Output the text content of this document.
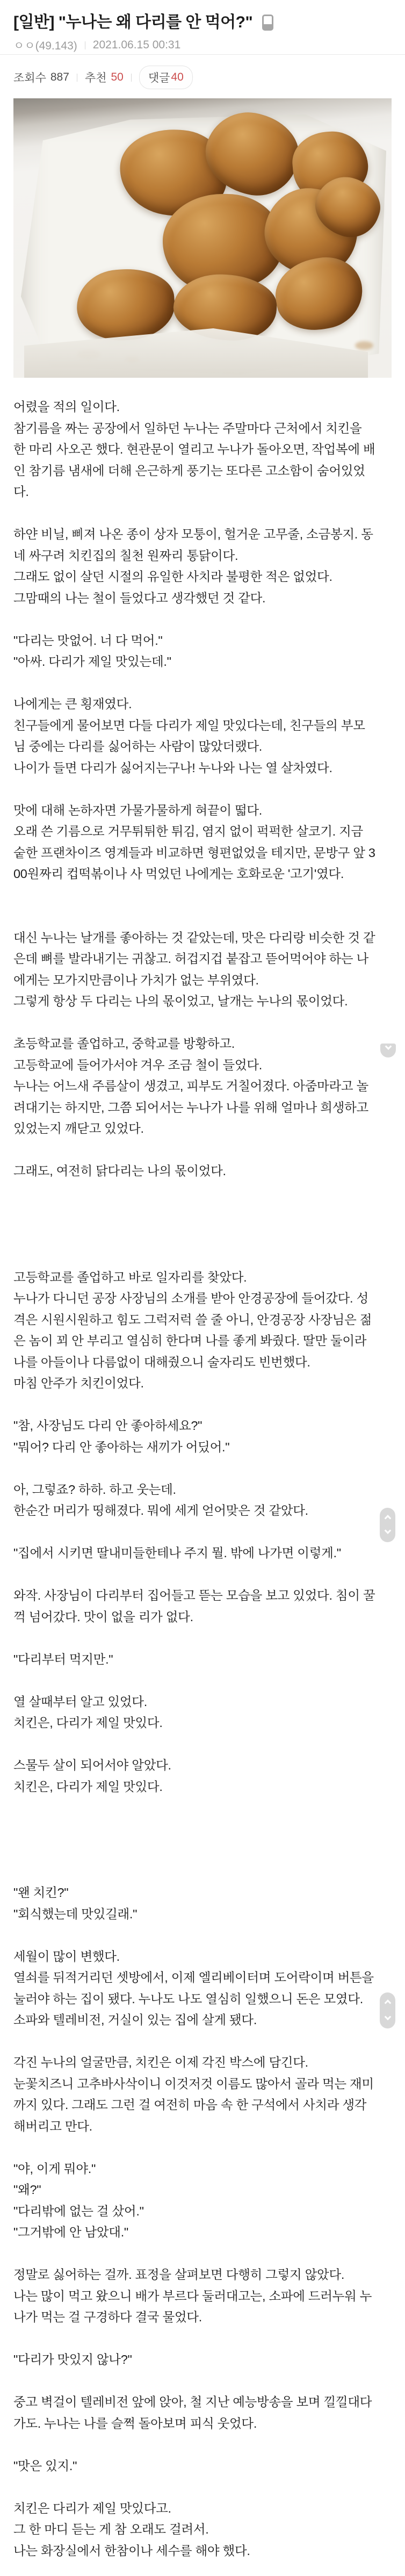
[일반] "누나는 왜 다리를 안 먹어?"
ㅇㅇ(49.143) 2021.06.15 00:31
조회수 887 추천 50 댓글 40
어렸을 적의 일이다.
참기름을 짜는 공장에서 일하던 누나는 주말마다 근처에서 치킨을
한 마리 사오곤 했다. 현관문이 열리고 누나가 돌아오면, 작업복에 배
인 참기름 냄새에 더해 은근하게 풍기는 또다른 고소함이 숨어있었
다.

하얀 비닐, 삐져 나온 종이 상자 모퉁이, 헐거운 고무줄, 소금봉지. 동
네 싸구려 치킨집의 칠천 원짜리 통닭이다.
그래도 없이 살던 시절의 유일한 사치라 불평한 적은 없었다.
그맘때의 나는 철이 들었다고 생각했던 것 같다.

"다리는 맛없어. 너 다 먹어."
"아싸. 다리가 제일 맛있는데."

나에게는 큰 횡재였다.
친구들에게 물어보면 다들 다리가 제일 맛있다는데, 친구들의 부모
님 중에는 다리를 싫어하는 사람이 많았더랬다.
나이가 들면 다리가 싫어지는구나! 누나와 나는 열 살차였다.

맛에 대해 논하자면 가물가물하게 혀끝이 떫다.
오래 쓴 기름으로 거무튀튀한 튀김, 염지 없이 퍽퍽한 살코기. 지금
숱한 프랜차이즈 영계들과 비교하면 형편없었을 테지만, 문방구 앞 3
00원짜리 컵떡볶이나 사 먹었던 나에게는 호화로운 '고기'였다.

대신 누나는 날개를 좋아하는 것 같았는데, 맛은 다리랑 비슷한 것 같
은데 뼈를 발라내기는 귀찮고. 허겁지겁 붙잡고 뜯어먹어야 하는 나
에게는 모가지만큼이나 가치가 없는 부위였다.
그렇게 항상 두 다리는 나의 몫이었고, 날개는 누나의 몫이었다.

초등학교를 졸업하고, 중학교를 방황하고.
고등학교에 들어가서야 겨우 조금 철이 들었다.
누나는 어느새 주름살이 생겼고, 피부도 거칠어졌다. 아줌마라고 놀
려대기는 하지만, 그쯤 되어서는 누나가 나를 위해 얼마나 희생하고
있었는지 깨닫고 있었다.

그래도, 여전히 닭다리는 나의 몫이었다.

고등학교를 졸업하고 바로 일자리를 찾았다.
누나가 다니던 공장 사장님의 소개를 받아 안경공장에 들어갔다. 성
격은 시원시원하고 힘도 그럭저럭 쓸 줄 아니, 안경공장 사장님은 젊
은 놈이 꾀 안 부리고 열심히 한다며 나를 좋게 봐줬다. 딸만 둘이라
나를 아들이나 다름없이 대해줬으니 술자리도 빈번했다.
마침 안주가 치킨이었다.

"참, 사장님도 다리 안 좋아하세요?"
"뭐어? 다리 안 좋아하는 새끼가 어딨어."

아, 그렇죠? 하하. 하고 웃는데.
한순간 머리가 띵해졌다. 뭐에 세게 얻어맞은 것 같았다.

"집에서 시키면 딸내미들한테나 주지 뭘. 밖에 나가면 이렇게."

와작. 사장님이 다리부터 집어들고 뜯는 모습을 보고 있었다. 침이 꿀
꺽 넘어갔다. 맛이 없을 리가 없다.

"다리부터 먹지만."

열 살때부터 알고 있었다.
치킨은, 다리가 제일 맛있다.

스물두 살이 되어서야 알았다.
치킨은, 다리가 제일 맛있다.

"왠 치킨?"
"회식했는데 맛있길래."

세월이 많이 변했다.
열쇠를 뒤적거리던 셋방에서, 이제 엘리베이터며 도어락이며 버튼을
눌러야 하는 집이 됐다. 누나도 나도 열심히 일했으니 돈은 모였다.
소파와 텔레비전, 거실이 있는 집에 살게 됐다.

각진 누나의 얼굴만큼, 치킨은 이제 각진 박스에 담긴다.
눈꽃치즈니 고추바사삭이니 이것저것 이름도 많아서 골라 먹는 재미
까지 있다. 그래도 그런 걸 여전히 마음 속 한 구석에서 사치라 생각
해버리고 만다.

"야, 이게 뭐야."
"왜?"
"다리밖에 없는 걸 샀어."
"그거밖에 안 남았대."

정말로 싫어하는 걸까. 표정을 살펴보면 다행히 그렇지 않았다.
나는 많이 먹고 왔으니 배가 부르다 둘러대고는, 소파에 드러누워 누
나가 먹는 걸 구경하다 결국 물었다.

"다리가 맛있지 않나?"

중고 벽걸이 텔레비전 앞에 앉아, 철 지난 예능방송을 보며 낄낄대다
가도. 누나는 나를 슬쩍 돌아보며 피식 웃었다.

"맛은 있지."

치킨은 다리가 제일 맛있다고.
그 한 마디 듣는 게 참 오래도 걸려서.
나는 화장실에서 한참이나 세수를 해야 했다.
